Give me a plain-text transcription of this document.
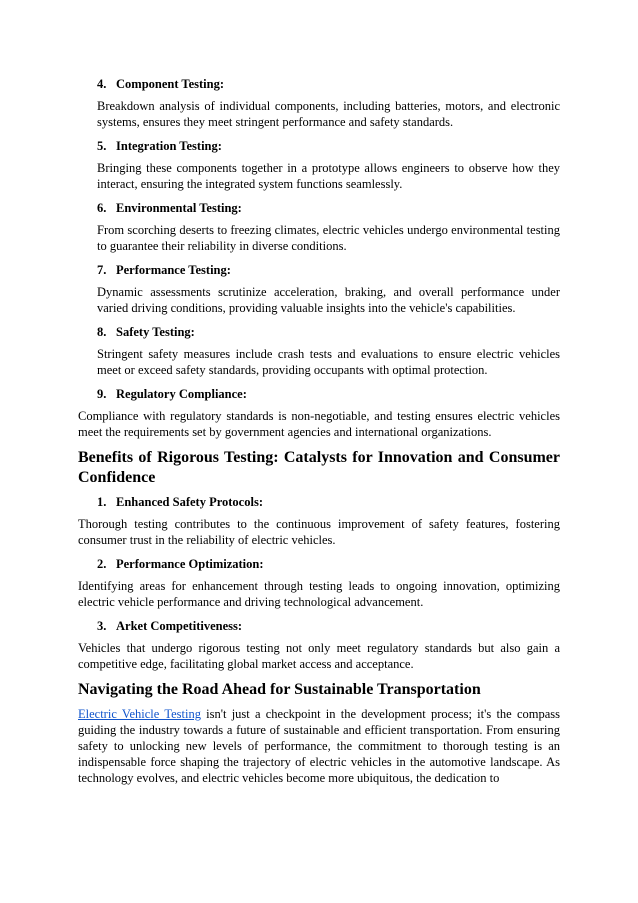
4. Component Testing:

Breakdown analysis of individual components, including batteries, motors, and electronic systems, ensures they meet stringent performance and safety standards.

5. Integration Testing:

Bringing these components together in a prototype allows engineers to observe how they interact, ensuring the integrated system functions seamlessly.

6. Environmental Testing:

From scorching deserts to freezing climates, electric vehicles undergo environmental testing to guarantee their reliability in diverse conditions.

7. Performance Testing:

Dynamic assessments scrutinize acceleration, braking, and overall performance under varied driving conditions, providing valuable insights into the vehicle's capabilities.

8. Safety Testing:

Stringent safety measures include crash tests and evaluations to ensure electric vehicles meet or exceed safety standards, providing occupants with optimal protection.

9. Regulatory Compliance:

Compliance with regulatory standards is non-negotiable, and testing ensures electric vehicles meet the requirements set by government agencies and international organizations.

Benefits of Rigorous Testing: Catalysts for Innovation and Consumer Confidence
1. Enhanced Safety Protocols:

Thorough testing contributes to the continuous improvement of safety features, fostering consumer trust in the reliability of electric vehicles.

2. Performance Optimization:

Identifying areas for enhancement through testing leads to ongoing innovation, optimizing electric vehicle performance and driving technological advancement.

3. Arket Competitiveness:

Vehicles that undergo rigorous testing not only meet regulatory standards but also gain a competitive edge, facilitating global market access and acceptance.

Navigating the Road Ahead for Sustainable Transportation

Electric Vehicle Testing isn't just a checkpoint in the development process; it's the compass guiding the industry towards a future of sustainable and efficient transportation. From ensuring safety to unlocking new levels of performance, the commitment to thorough testing is an indispensable force shaping the trajectory of electric vehicles in the automotive landscape. As technology evolves, and electric vehicles become more ubiquitous, the dedication to
